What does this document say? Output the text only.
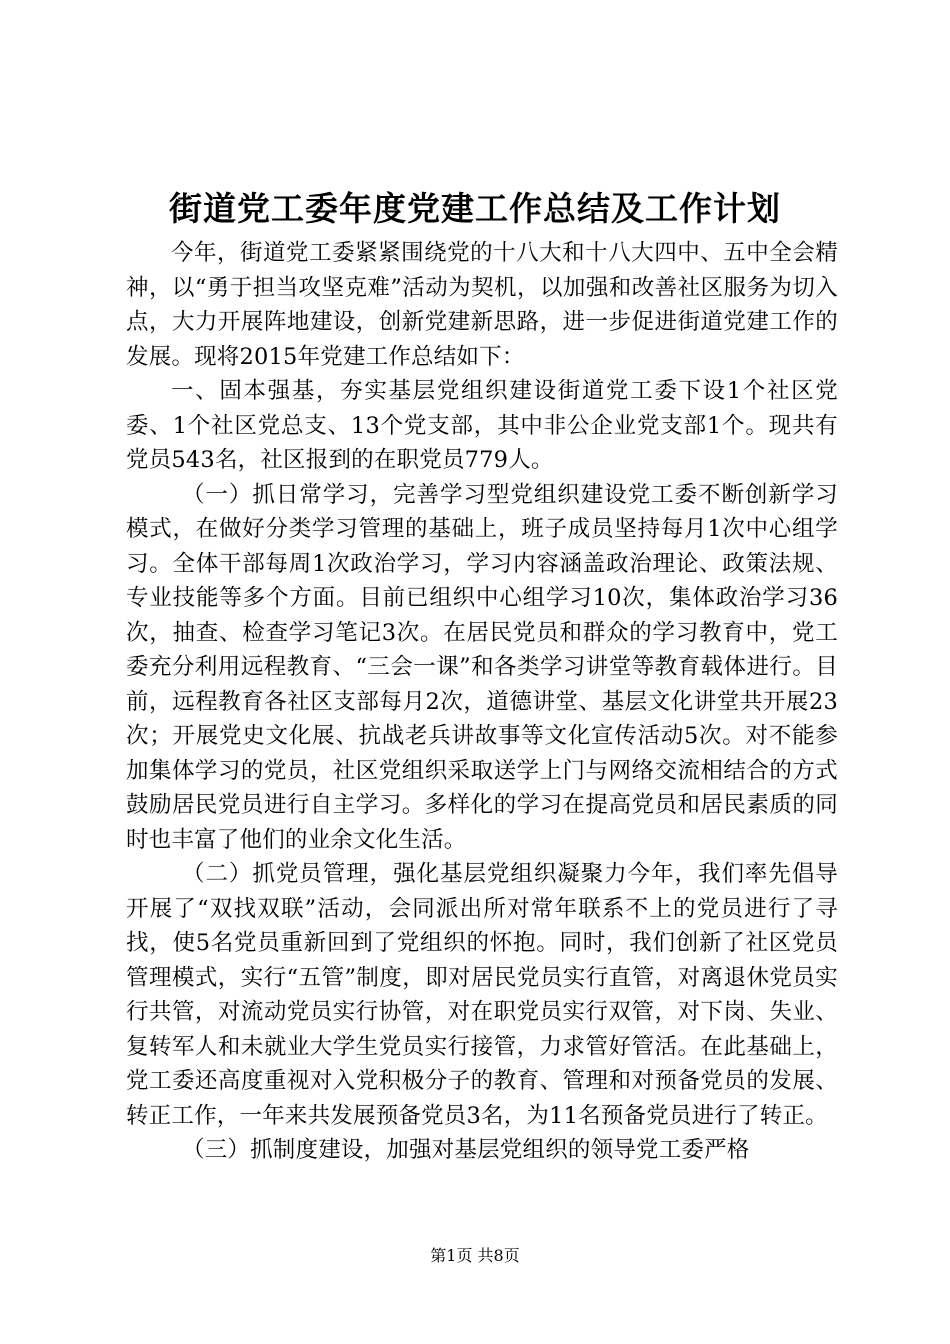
街道党工委年度党建工作总结及工作计划

今年，街道党工委紧紧围绕党的十八大和十八大四中、五中全会精神，以“勇于担当攻坚克难”活动为契机，以加强和改善社区服务为切入点，大力开展阵地建设，创新党建新思路，进一步促进街道党建工作的发展。现将2015年党建工作总结如下：

一、固本强基，夯实基层党组织建设街道党工委下设1个社区党委、1个社区党总支、13个党支部，其中非公企业党支部1个。现共有党员543名，社区报到的在职党员779人。

（一）抓日常学习，完善学习型党组织建设党工委不断创新学习模式，在做好分类学习管理的基础上，班子成员坚持每月1次中心组学习。全体干部每周1次政治学习，学习内容涵盖政治理论、政策法规、专业技能等多个方面。目前已组织中心组学习10次，集体政治学习36次，抽查、检查学习笔记3次。在居民党员和群众的学习教育中，党工委充分利用远程教育、“三会一课”和各类学习讲堂等教育载体进行。目前，远程教育各社区支部每月2次，道德讲堂、基层文化讲堂共开展23次；开展党史文化展、抗战老兵讲故事等文化宣传活动5次。对不能参加集体学习的党员，社区党组织采取送学上门与网络交流相结合的方式鼓励居民党员进行自主学习。多样化的学习在提高党员和居民素质的同时也丰富了他们的业余文化生活。

（二）抓党员管理，强化基层党组织凝聚力今年，我们率先倡导开展了“双找双联”活动，会同派出所对常年联系不上的党员进行了寻找，使5名党员重新回到了党组织的怀抱。同时，我们创新了社区党员管理模式，实行“五管”制度，即对居民党员实行直管，对离退休党员实行共管，对流动党员实行协管，对在职党员实行双管，对下岗、失业、复转军人和未就业大学生党员实行接管，力求管好管活。在此基础上，党工委还高度重视对入党积极分子的教育、管理和对预备党员的发展、转正工作，一年来共发展预备党员3名，为11名预备党员进行了转正。

（三）抓制度建设，加强对基层党组织的领导党工委严格

第1页 共8页
